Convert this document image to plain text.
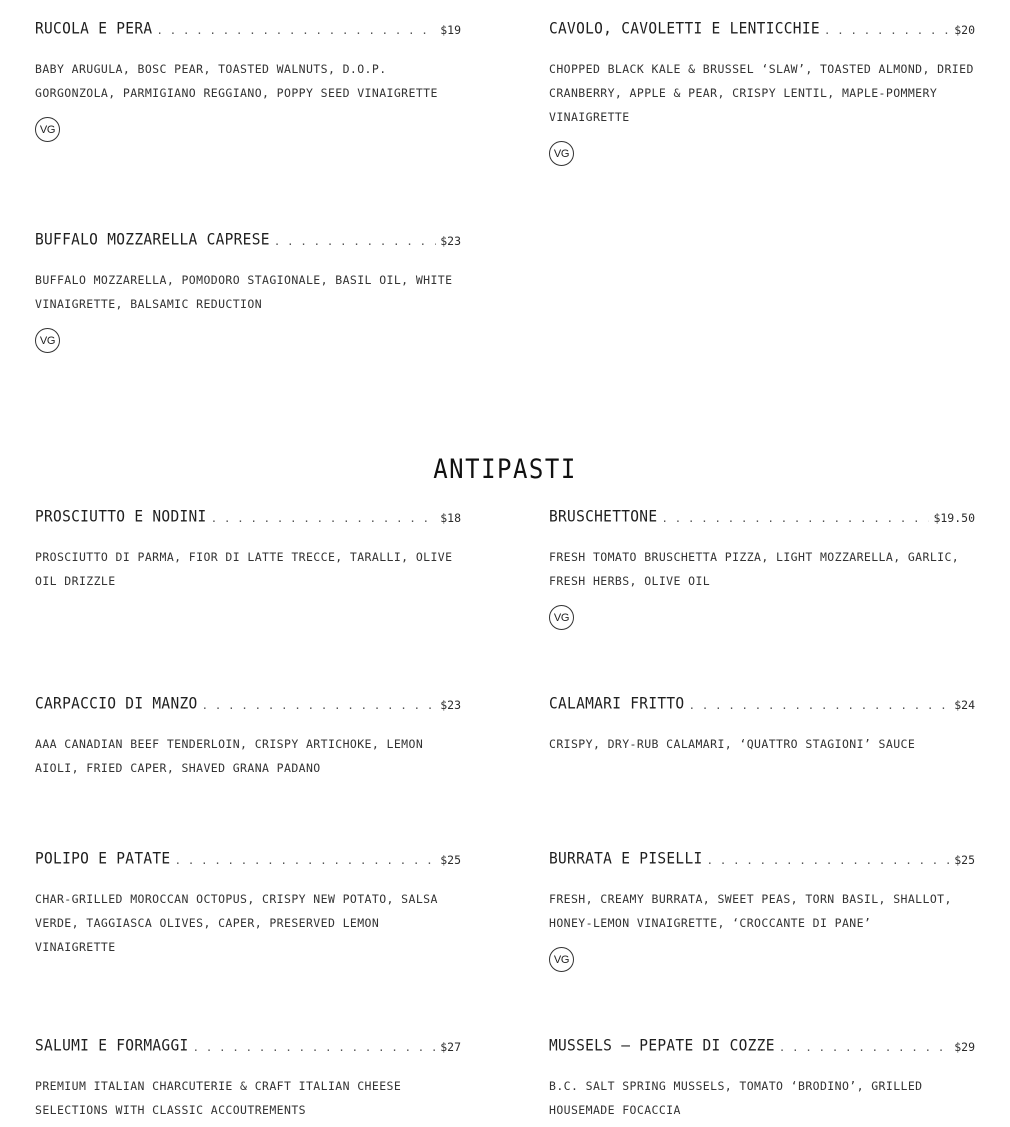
RUCOLA E PERA . . .	$19
BABY ARUGULA, BOSC PEAR, TOASTED WALNUTS, D.O.P. GORGONZOLA, PARMIGIANO REGGIANO, POPPY SEED VINAIGRETTE
VG
CAVOLO, CAVOLETTI E LENTICCHIE . . .	$20
CHOPPED BLACK KALE & BRUSSEL ‘SLAW’, TOASTED ALMOND, DRIED CRANBERRY, APPLE & PEAR, CRISPY LENTIL, MAPLE-POMMERY VINAIGRETTE
VG
BUFFALO MOZZARELLA CAPRESE . . .	$23
BUFFALO MOZZARELLA, POMODORO STAGIONALE, BASIL OIL, WHITE VINAIGRETTE, BALSAMIC REDUCTION
VG
ANTIPASTI
PROSCIUTTO E NODINI . . .	$18
PROSCIUTTO DI PARMA, FIOR DI LATTE TRECCE, TARALLI, OLIVE OIL DRIZZLE
BRUSCHETTONE . . .	$19.50
FRESH TOMATO BRUSCHETTA PIZZA, LIGHT MOZZARELLA, GARLIC, FRESH HERBS, OLIVE OIL
VG
CARPACCIO DI MANZO . . .	$23
AAA CANADIAN BEEF TENDERLOIN, CRISPY ARTICHOKE, LEMON AIOLI, FRIED CAPER, SHAVED GRANA PADANO
CALAMARI FRITTO . . .	$24
CRISPY, DRY-RUB CALAMARI, ‘QUATTRO STAGIONI’ SAUCE
POLIPO E PATATE . . .	$25
CHAR-GRILLED MOROCCAN OCTOPUS, CRISPY NEW POTATO, SALSA VERDE, TAGGIASCA OLIVES, CAPER, PRESERVED LEMON VINAIGRETTE
BURRATA E PISELLI . . .	$25
FRESH, CREAMY BURRATA, SWEET PEAS, TORN BASIL, SHALLOT, HONEY-LEMON VINAIGRETTE, ‘CROCCANTE DI PANE’
VG
SALUMI E FORMAGGI . . .	$27
PREMIUM ITALIAN CHARCUTERIE & CRAFT ITALIAN CHEESE SELECTIONS WITH CLASSIC ACCOUTREMENTS
MUSSELS – PEPATE DI COZZE . . .	$29
B.C. SALT SPRING MUSSELS, TOMATO ‘BRODINO’, GRILLED HOUSEMADE FOCACCIA
